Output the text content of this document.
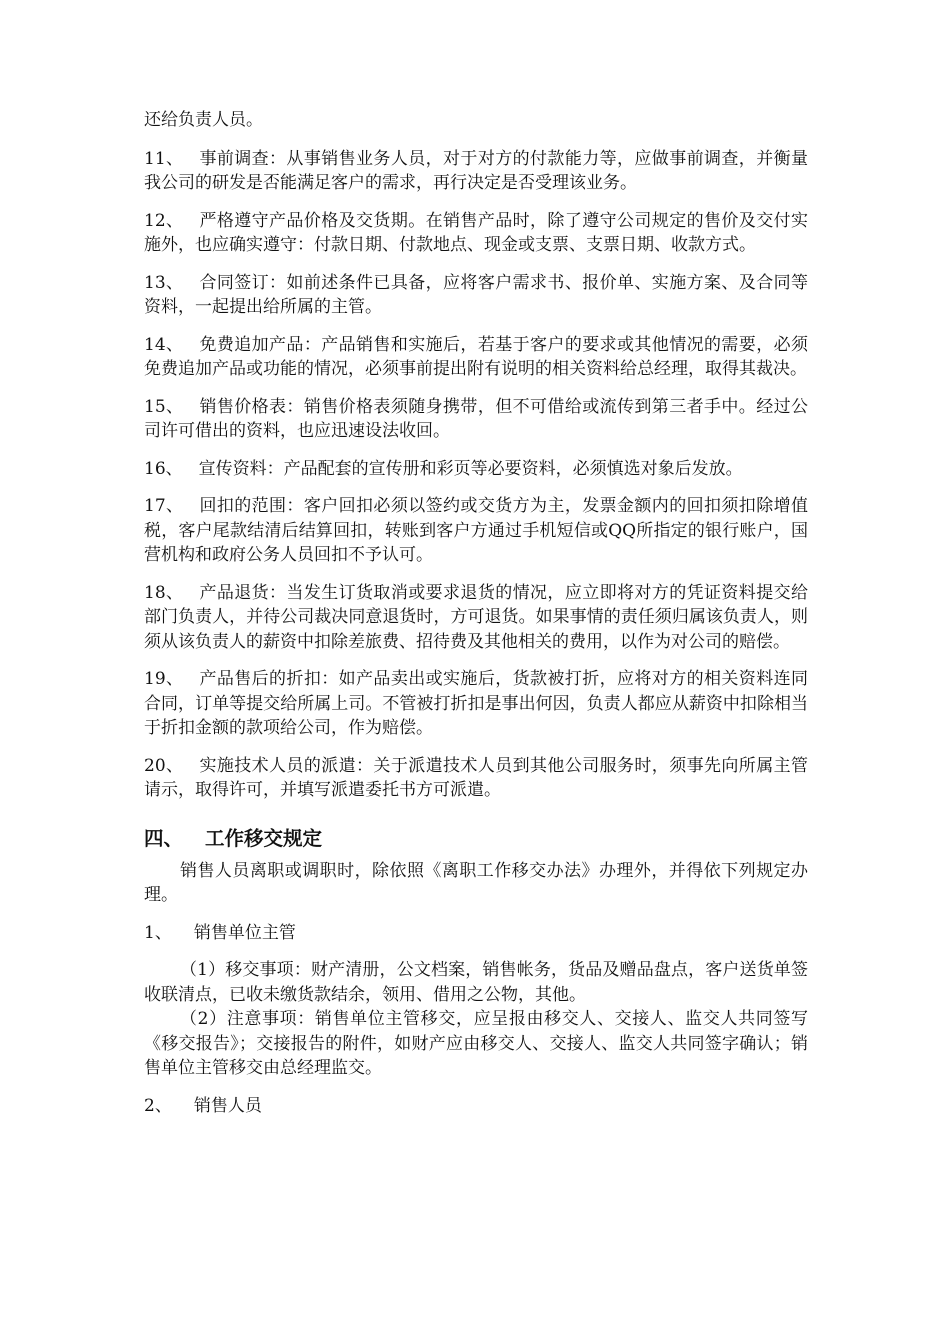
还给负责人员。

11、 事前调查：从事销售业务人员，对于对方的付款能力等，应做事前调查，并衡量我公司的研发是否能满足客户的需求，再行决定是否受理该业务。

12、 严格遵守产品价格及交货期。在销售产品时，除了遵守公司规定的售价及交付实施外，也应确实遵守：付款日期、付款地点、现金或支票、支票日期、收款方式。

13、 合同签订：如前述条件已具备，应将客户需求书、报价单、实施方案、及合同等资料，一起提出给所属的主管。

14、 免费追加产品：产品销售和实施后，若基于客户的要求或其他情况的需要，必须免费追加产品或功能的情况，必须事前提出附有说明的相关资料给总经理，取得其裁决。

15、 销售价格表：销售价格表须随身携带，但不可借给或流传到第三者手中。经过公司许可借出的资料，也应迅速设法收回。

16、 宣传资料：产品配套的宣传册和彩页等必要资料，必须慎选对象后发放。

17、 回扣的范围：客户回扣必须以签约或交货方为主，发票金额内的回扣须扣除增值税，客户尾款结清后结算回扣，转账到客户方通过手机短信或QQ所指定的银行账户，国营机构和政府公务人员回扣不予认可。

18、 产品退货：当发生订货取消或要求退货的情况，应立即将对方的凭证资料提交给部门负责人，并待公司裁决同意退货时，方可退货。如果事情的责任须归属该负责人，则须从该负责人的薪资中扣除差旅费、招待费及其他相关的费用，以作为对公司的赔偿。

19、 产品售后的折扣：如产品卖出或实施后，货款被打折，应将对方的相关资料连同合同，订单等提交给所属上司。不管被打折扣是事出何因，负责人都应从薪资中扣除相当于折扣金额的款项给公司，作为赔偿。

20、 实施技术人员的派遣：关于派遣技术人员到其他公司服务时，须事先向所属主管请示，取得许可，并填写派遣委托书方可派遣。

四、 工作移交规定

销售人员离职或调职时，除依照《离职工作移交办法》办理外，并得依下列规定办理。

1、 销售单位主管

（1）移交事项：财产清册，公文档案，销售帐务，货品及赠品盘点，客户送货单签收联清点，已收未缴货款结余，领用、借用之公物，其他。

（2）注意事项：销售单位主管移交，应呈报由移交人、交接人、监交人共同签写《移交报告》；交接报告的附件，如财产应由移交人、交接人、监交人共同签字确认；销售单位主管移交由总经理监交。

2、 销售人员
